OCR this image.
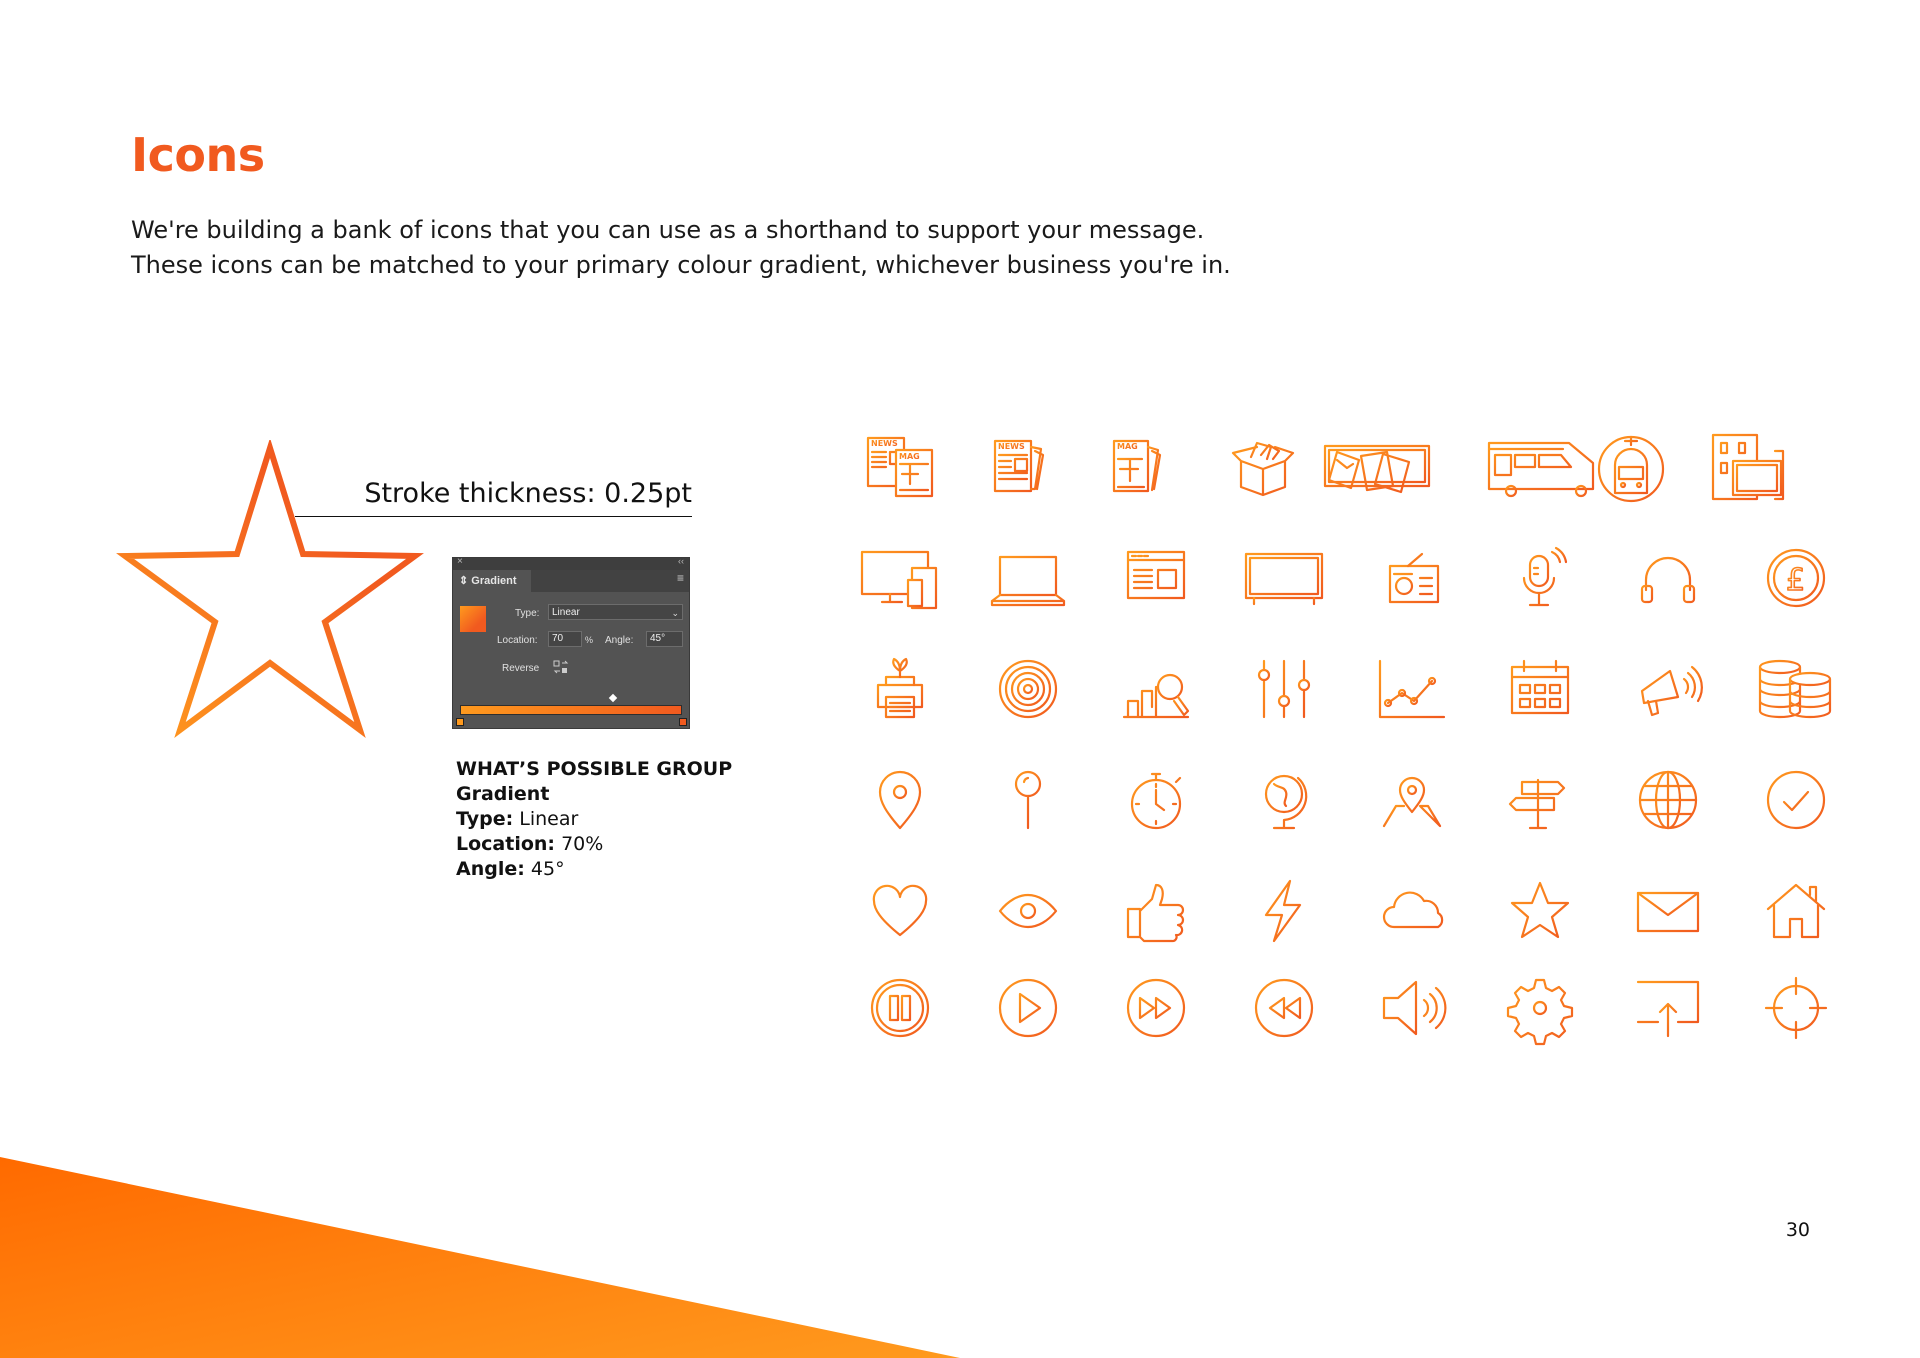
Icons
We're building a bank of icons that you can use as a shorthand to support your message.
These icons can be matched to your primary colour gradient, whichever business you're in.
Stroke thickness: 0.25pt
×	‹‹
⇕ Gradient	≡
Type:	Linear	⌄
Location:	70	% Angle:	45°
Reverse
WHAT’S POSSIBLE GROUP
Gradient
Type: Linear
Location: 70%
Angle: 45°
NEWS
MAG
NEWS	MAG
£
30
